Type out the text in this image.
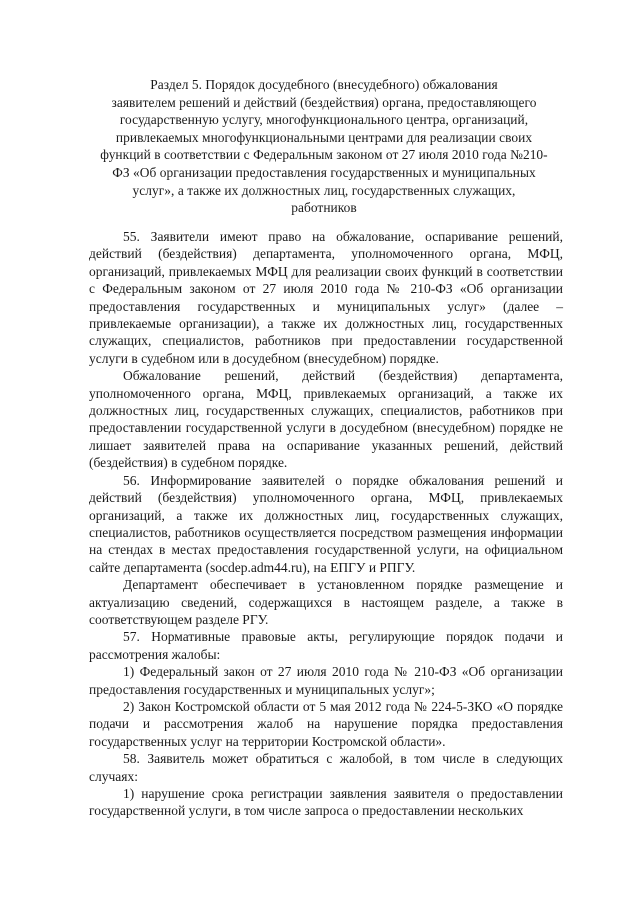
Раздел 5. Порядок досудебного (внесудебного) обжалования
заявителем решений и действий (бездействия) органа, предоставляющего
государственную услугу, многофункционального центра, организаций,
привлекаемых многофункциональными центрами для реализации своих
функций в соответствии с Федеральным законом от 27 июля 2010 года №210-
ФЗ «Об организации предоставления государственных и муниципальных
услуг», а также их должностных лиц, государственных служащих,
работников

55. Заявители имеют право на обжалование, оспаривание решений, действий (бездействия) департамента, уполномоченного органа, МФЦ, организаций, привлекаемых МФЦ для реализации своих функций в соответствии с Федеральным законом от 27 июля 2010 года № 210-ФЗ «Об организации предоставления государственных и муниципальных услуг» (далее – привлекаемые организации), а также их должностных лиц, государственных служащих, специалистов, работников при предоставлении государственной услуги в судебном или в досудебном (внесудебном) порядке.

Обжалование решений, действий (бездействия) департамента, уполномоченного органа, МФЦ, привлекаемых организаций, а также их должностных лиц, государственных служащих, специалистов, работников при предоставлении государственной услуги в досудебном (внесудебном) порядке не лишает заявителей права на оспаривание указанных решений, действий (бездействия) в судебном порядке.

56. Информирование заявителей о порядке обжалования решений и действий (бездействия) уполномоченного органа, МФЦ, привлекаемых организаций, а также их должностных лиц, государственных служащих, специалистов, работников осуществляется посредством размещения информации на стендах в местах предоставления государственной услуги, на официальном сайте департамента (socdep.adm44.ru), на ЕПГУ и РПГУ.

Департамент обеспечивает в установленном порядке размещение и актуализацию сведений, содержащихся в настоящем разделе, а также в соответствующем разделе РГУ.

57. Нормативные правовые акты, регулирующие порядок подачи и рассмотрения жалобы:

1) Федеральный закон от 27 июля 2010 года № 210-ФЗ «Об организации предоставления государственных и муниципальных услуг»;

2) Закон Костромской области от 5 мая 2012 года № 224-5-ЗКО «О порядке подачи и рассмотрения жалоб на нарушение порядка предоставления государственных услуг на территории Костромской области».

58. Заявитель может обратиться с жалобой, в том числе в следующих случаях:

1) нарушение срока регистрации заявления заявителя о предоставлении государственной услуги, в том числе запроса о предоставлении нескольких
